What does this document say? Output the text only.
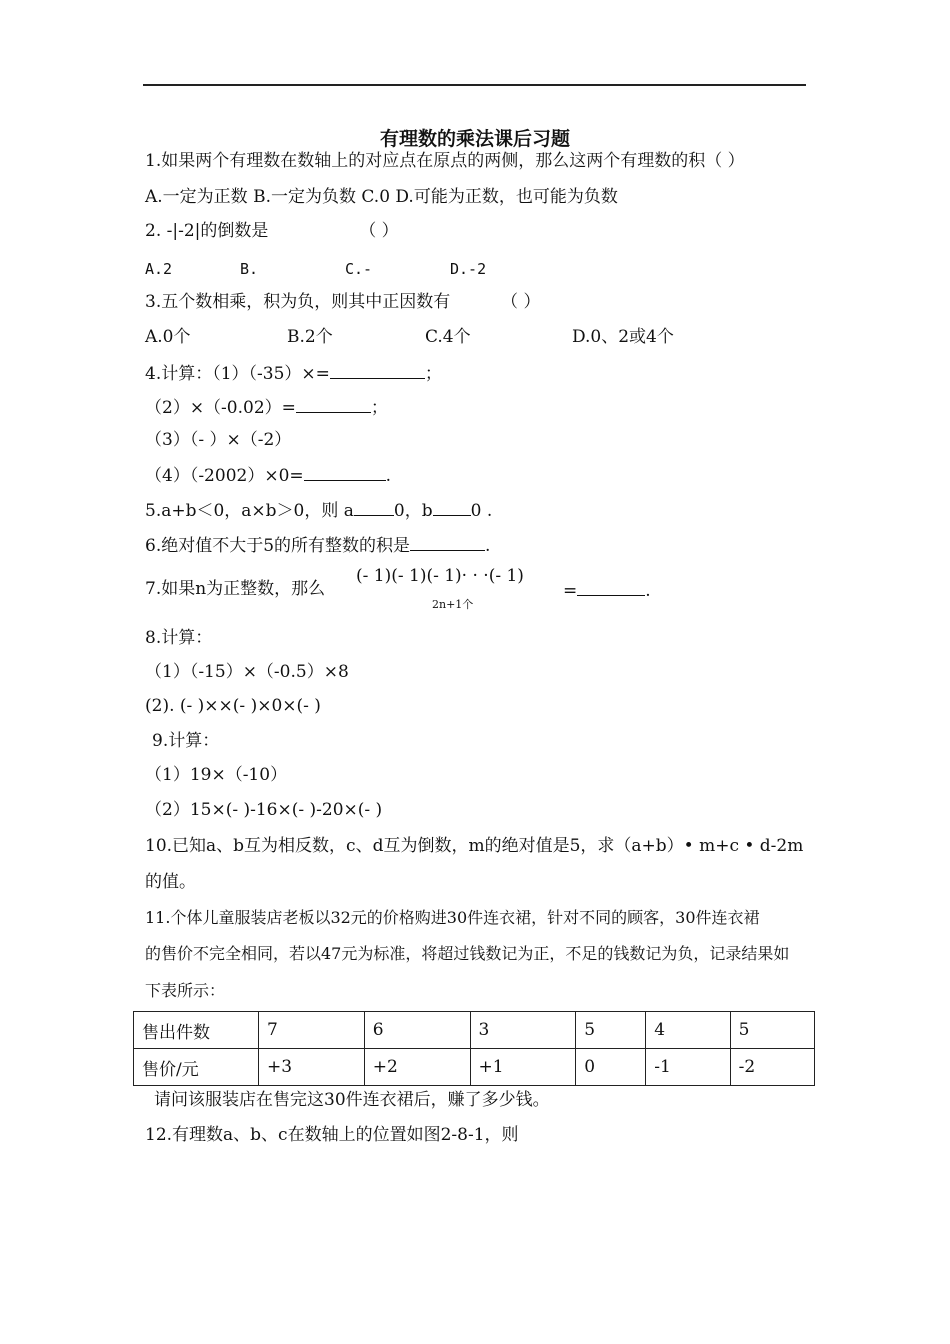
有理数的乘法课后习题
1.如果两个有理数在数轴上的对应点在原点的两侧，那么这两个有理数的积（ ）
A.一定为正数 B.一定为负数 C.0 D.可能为正数，也可能为负数
2. -|-2|的倒数是	（ ）
A.2	B.	C.-	D.-2
3.五个数相乘，积为负，则其中正因数有	（ ）
A.0个	B.2个	C.4个	D.0、2或4个
4.计算：（1）（-35）×=	；
（2）×（-0.02）=	；
（3）（- ）×（-2）
（4）（-2002）×0=	.
5.a+b＜0，a×b＞0，则 a 0，b 0 .
6.绝对值不大于5的所有整数的积是	.
7.如果n为正整数，那么
(- 1)(- 1)(- 1)· · ·(- 1)
2n+1个
=	.
8.计算：
（1）（-15）×（-0.5）×8
(2). (- )××(- )×0×(- )
9.计算：
（1）19×（-10）
（2）15×(- )-16×(- )-20×(- )
10.已知a、b互为相反数，c、d互为倒数，m的绝对值是5，求（a+b）• m+c • d-2m
的值。
11.个体儿童服装店老板以32元的价格购进30件连衣裙，针对不同的顾客，30件连衣裙
的售价不完全相同，若以47元为标准，将超过钱数记为正，不足的钱数记为负，记录结果如
下表所示：
售出件数	7	6	3	5	4	5
售价/元	+3	+2	+1	0	-1	-2
请问该服装店在售完这30件连衣裙后，赚了多少钱。
12.有理数a、b、c在数轴上的位置如图2-8-1，则
